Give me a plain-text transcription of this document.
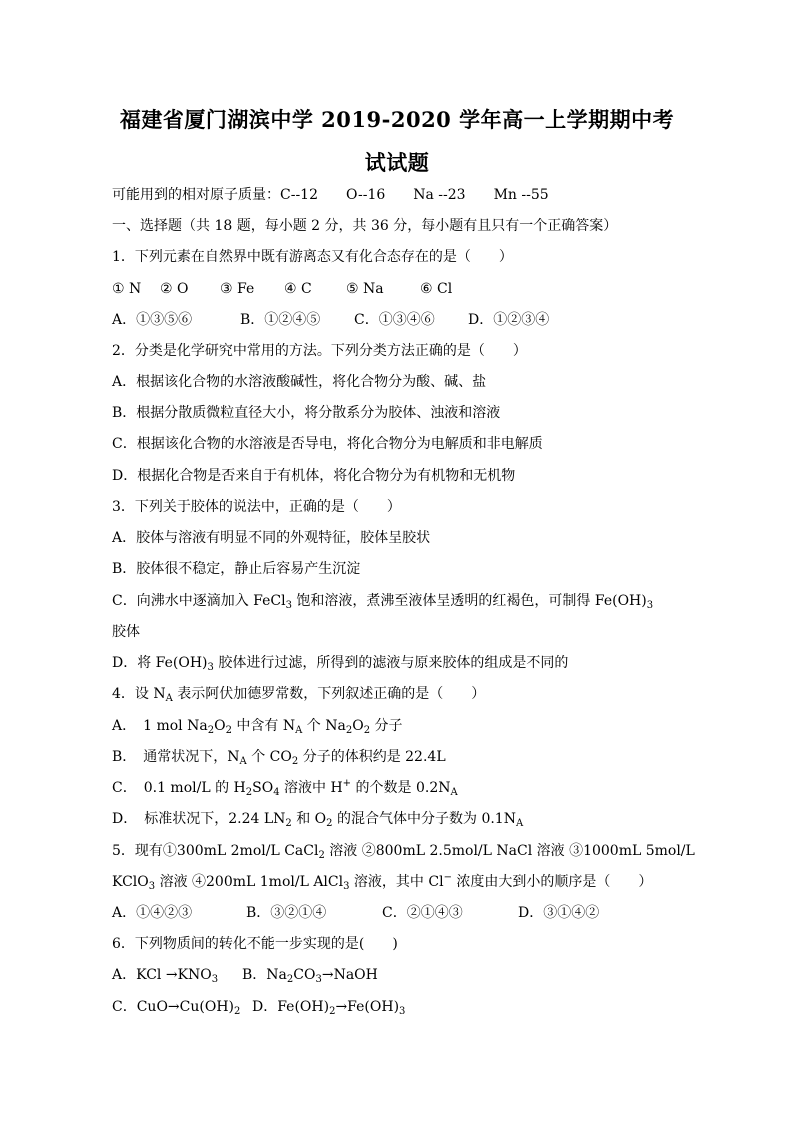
福建省厦门湖滨中学 2019-2020 学年高一上学期期中考
试试题
可能用到的相对原子质量：C--12　　O--16　　Na --23　　Mn --55
一、选择题（共 18 题，每小题 2 分，共 36 分，每小题有且只有一个正确答案）
1．下列元素在自然界中既有游离态又有化合态存在的是（　　）
① N	② O	③ Fe	④ C	⑤ Na	⑥ Cl
A．①③⑤⑥	B．①②④⑤	C．①③④⑥	D．①②③④
2．分类是化学研究中常用的方法。下列分类方法正确的是（　　）
A．根据该化合物的水溶液酸碱性，将化合物分为酸、碱、盐
B．根据分散质微粒直径大小，将分散系分为胶体、浊液和溶液
C．根据该化合物的水溶液是否导电，将化合物分为电解质和非电解质
D．根据化合物是否来自于有机体，将化合物分为有机物和无机物
3．下列关于胶体的说法中，正确的是（　　）
A．胶体与溶液有明显不同的外观特征，胶体呈胶状
B．胶体很不稳定，静止后容易产生沉淀
C．向沸水中逐滴加入 FeCl$_3$ 饱和溶液，煮沸至液体呈透明的红褐色，可制得 $Fe(OH)_3$
胶体
D．将 $Fe(OH)_3$ 胶体进行过滤，所得到的滤液与原来胶体的组成是不同的
4．设 $N_A$ 表示阿伏加德罗常数，下列叙述正确的是（　　）
A．　1 mol $Na_2O_2$ 中含有 $N_A$ 个 $Na_2O_2$ 分子
B．　通常状况下，$N_A$ 个 $CO_2$ 分子的体积约是 22.4L
C．　0.1 mol/L 的 $H_2SO_4$ 溶液中 H+ 的个数是 $0.2N_A$
D．　标准状况下，2.24 $LN_2$ 和 $O_2$ 的混合气体中分子数为 $0.1N_A$
5．现有①300mL 2mol/L CaCl$_2$ 溶液 ②800mL 2.5mol/L NaCl 溶液 ③1000mL 5mol/L
KClO$_3$ 溶液 ④200mL 1mol/L AlCl$_3$ 溶液，其中 Cl− 浓度由大到小的顺序是（　　）
A．①④②③	B．③②①④	C．②①④③	D．③①④②
6．下列物质间的转化不能一步实现的是(　　)
A．KCl $\to KNO_3$	B．$Na_2CO_3\to NaOH$
C．$CuO\to Cu(OH)_2$ D．$Fe(OH)_2\to Fe(OH)_3$
